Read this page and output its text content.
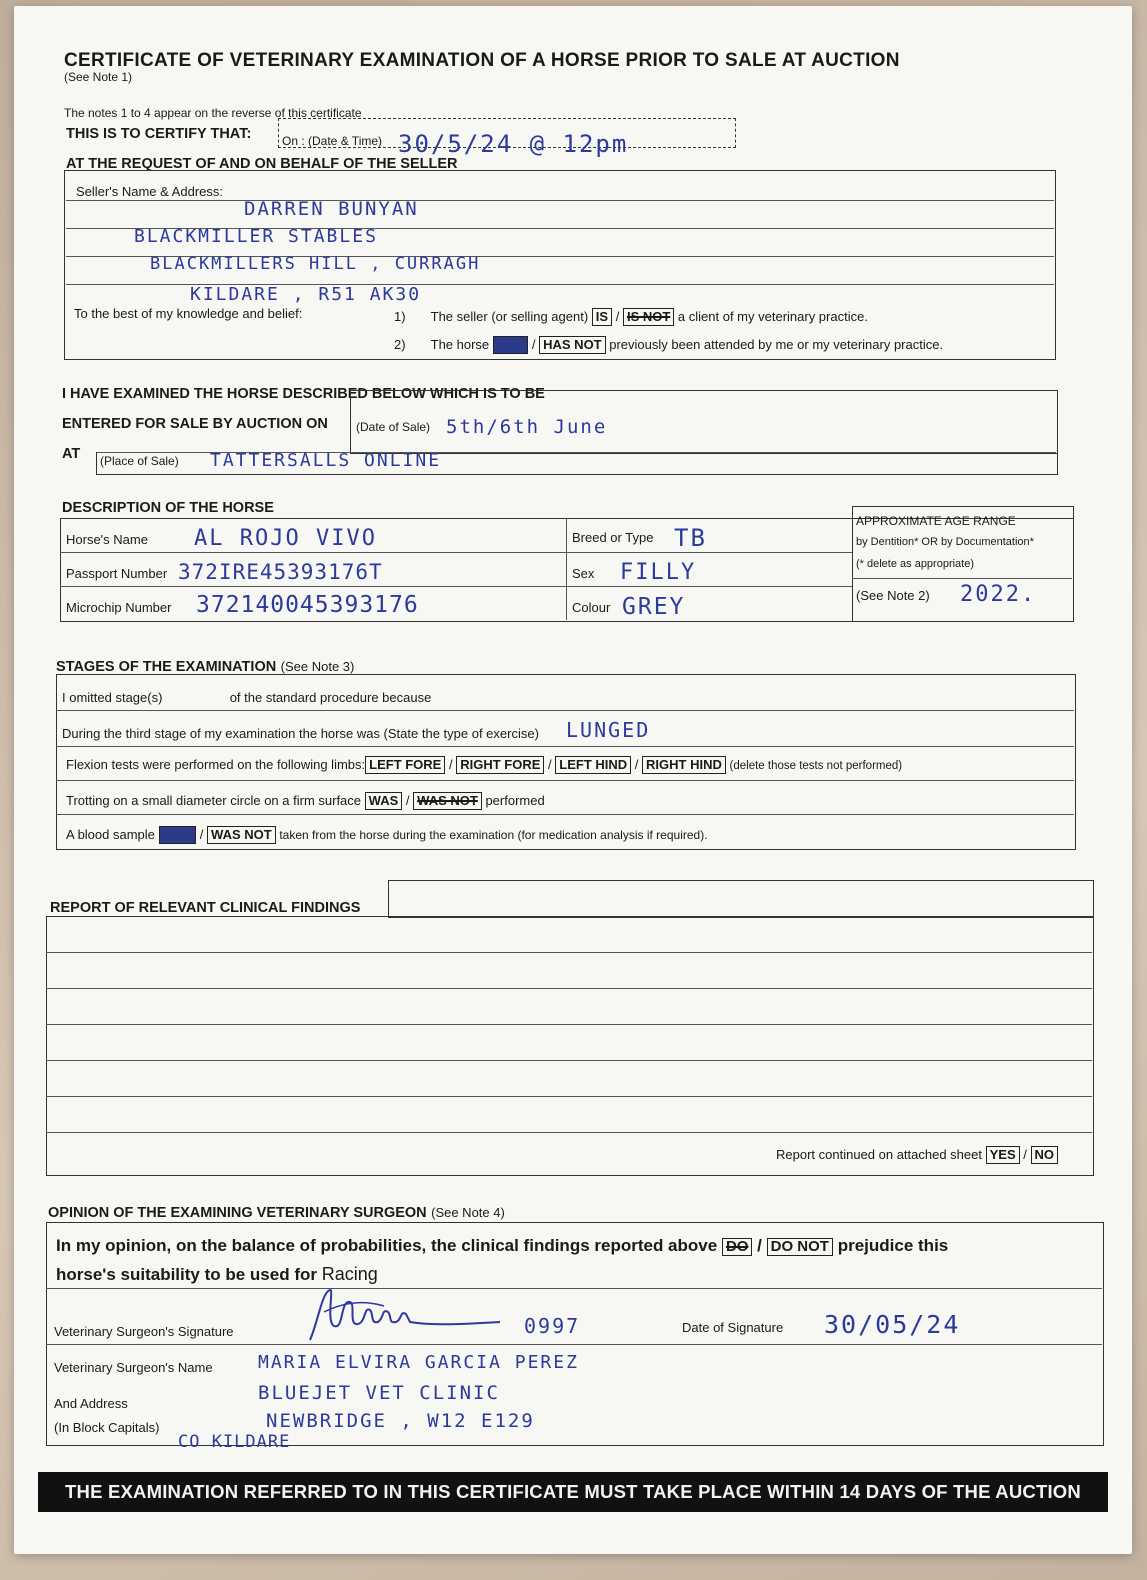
CERTIFICATE OF VETERINARY EXAMINATION OF A HORSE PRIOR TO SALE AT AUCTION
(See Note 1)
The notes 1 to 4 appear on the reverse of this certificate
THIS IS TO CERTIFY THAT:	On : (Date & Time) 30/5/24 @ 12pm
AT THE REQUEST OF AND ON BEHALF OF THE SELLER
Seller's Name & Address:
DARREN BUNYAN
BLACKMILLER STABLES
BLACKMILLERS HILL , CURRAGH
KILDARE , R51 AK30
To the best of my knowledge and belief:	1) The seller (or selling agent) IS / IS NOT a client of my veterinary practice.
2) The horse HAS / HAS NOT previously been attended by me or my veterinary practice.
I HAVE EXAMINED THE HORSE DESCRIBED BELOW WHICH IS TO BE
ENTERED FOR SALE BY AUCTION ON (Date of Sale) 5th/6th June
AT (Place of Sale) TATTERSALLS ONLINE
DESCRIPTION OF THE HORSE
Horse's Name AL ROJO VIVO
Passport Number 372IRE45393176T
Microchip Number 372140045393176
Breed or Type TB
Sex FILLY
Colour GREY
APPROXIMATE AGE RANGE
by Dentition* OR by Documentation*
(* delete as appropriate)
(See Note 2) 2022.
STAGES OF THE EXAMINATION (See Note 3)
I omitted stage(s)	of the standard procedure because
During the third stage of my examination the horse was (State the type of exercise) LUNGED
Flexion tests were performed on the following limbs: LEFT FORE / RIGHT FORE / LEFT HIND / RIGHT HIND (delete those tests not performed)
Trotting on a small diameter circle on a firm surface WAS / WAS NOT performed
A blood sample WAS / WAS NOT taken from the horse during the examination (for medication analysis if required).
REPORT OF RELEVANT CLINICAL FINDINGS
Report continued on attached sheet YES / NO
OPINION OF THE EXAMINING VETERINARY SURGEON (See Note 4)
In my opinion, on the balance of probabilities, the clinical findings reported above DO / DO NOT prejudice this
horse's suitability to be used for Racing
Veterinary Surgeon's Signature	0997	Date of Signature 30/05/24
Veterinary Surgeon's Name	MARIA ELVIRA GARCIA PEREZ
And Address
(In Block Capitals)
BLUEJET VET CLINIC
NEWBRIDGE , W12 E129
CO KILDARE
THE EXAMINATION REFERRED TO IN THIS CERTIFICATE MUST TAKE PLACE WITHIN 14 DAYS OF THE AUCTION
